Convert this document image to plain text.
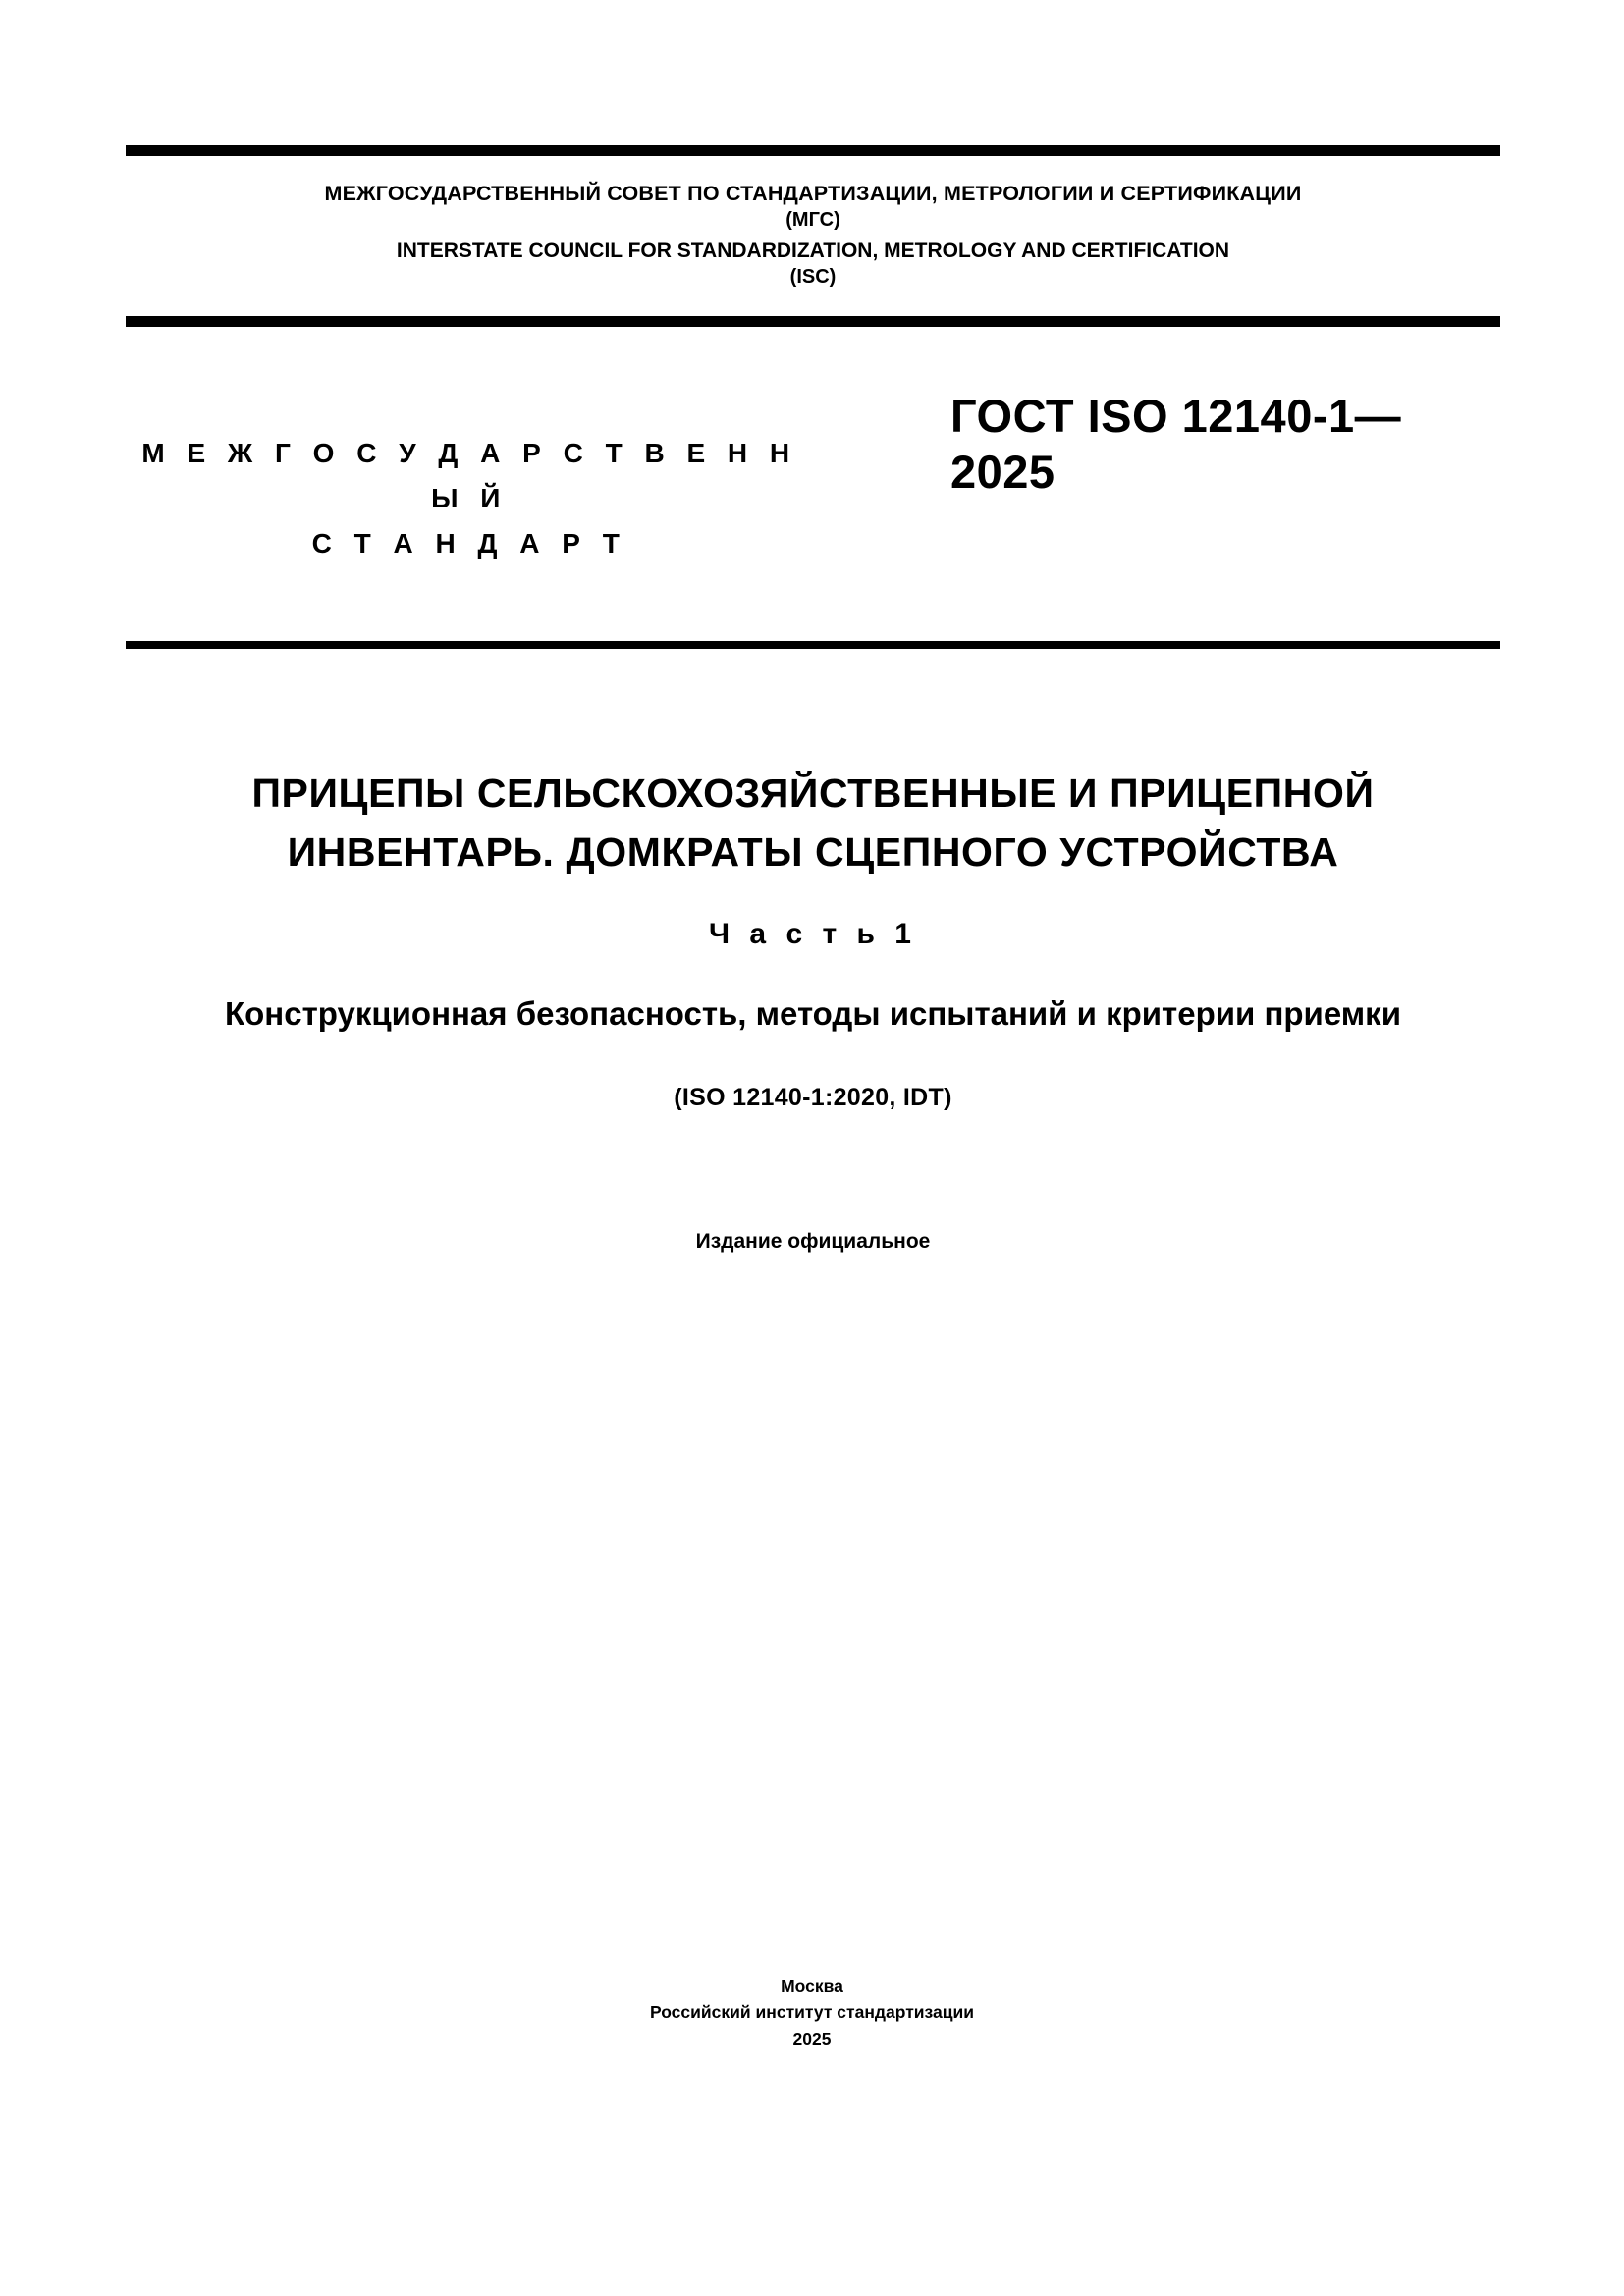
МЕЖГОСУДАРСТВЕННЫЙ СОВЕТ ПО СТАНДАРТИЗАЦИИ, МЕТРОЛОГИИ И СЕРТИФИКАЦИИ
(МГС)
INTERSTATE COUNCIL FOR STANDARDIZATION, METROLOGY AND CERTIFICATION
(ISC)
М Е Ж Г О С У Д А Р С Т В Е Н Н Ы Й
С Т А Н Д А Р Т
ГОСТ ISO 12140-1— 2025
ПРИЦЕПЫ СЕЛЬСКОХОЗЯЙСТВЕННЫЕ И ПРИЦЕПНОЙ ИНВЕНТАРЬ. ДОМКРАТЫ СЦЕПНОГО УСТРОЙСТВА
Ч а с т ь 1
Конструкционная безопасность, методы испытаний и критерии приемки
(ISO 12140-1:2020, IDT)
Издание официальное
Москва
Российский институт стандартизации
2025
